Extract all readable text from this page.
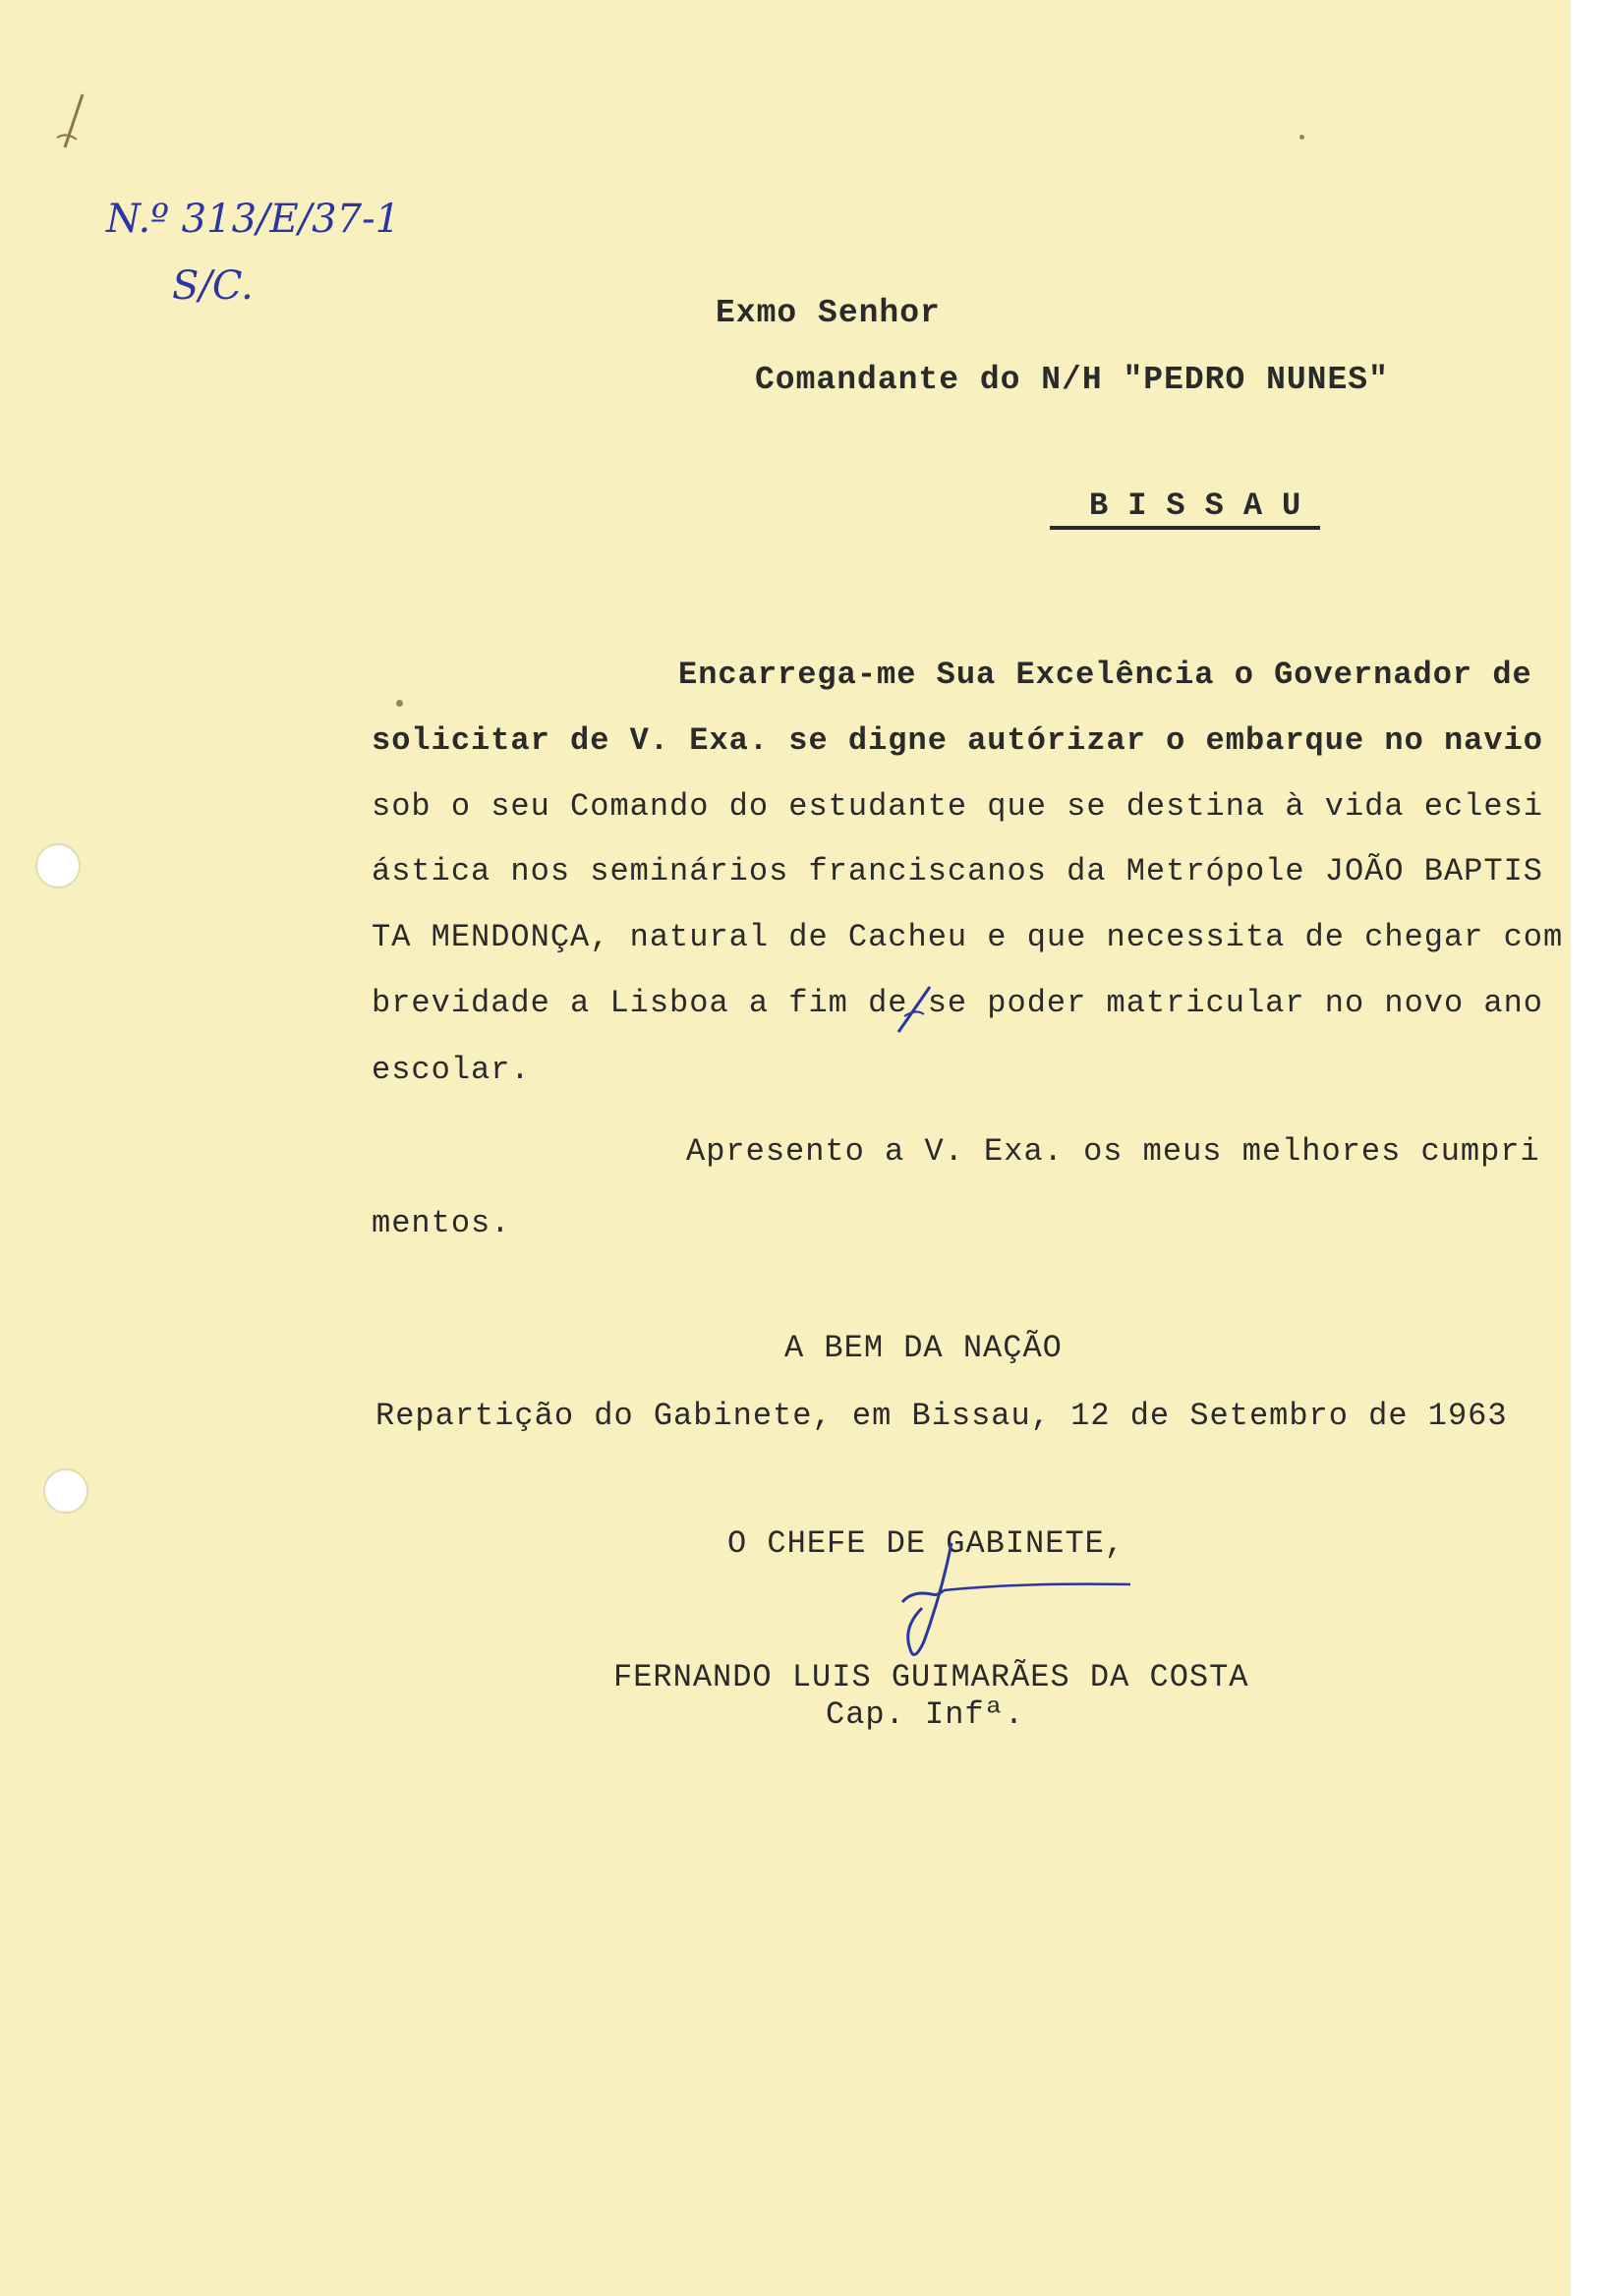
N.º 313/E/37-1
S/C.
Exmo Senhor
Comandante do N/H "PEDRO NUNES"
BISSAU
Encarrega-me Sua Excelência o Governador de
solicitar de V. Exa. se digne autórizar o embarque no navio
sob o seu Comando do estudante que se destina à vida eclesi
ástica nos seminários franciscanos da Metrópole JOÃO BAPTIS
TA MENDONÇA, natural de Cacheu e que necessita de chegar com
brevidade a Lisboa a fim de se poder matricular no novo ano
escolar.
Apresento a V. Exa. os meus melhores cumpri
mentos.
A BEM DA NAÇÃO
Repartição do Gabinete, em Bissau, 12 de Setembro de 1963
O CHEFE DE GABINETE,
FERNANDO LUIS GUIMARÃES DA COSTA
Cap. Infª.
